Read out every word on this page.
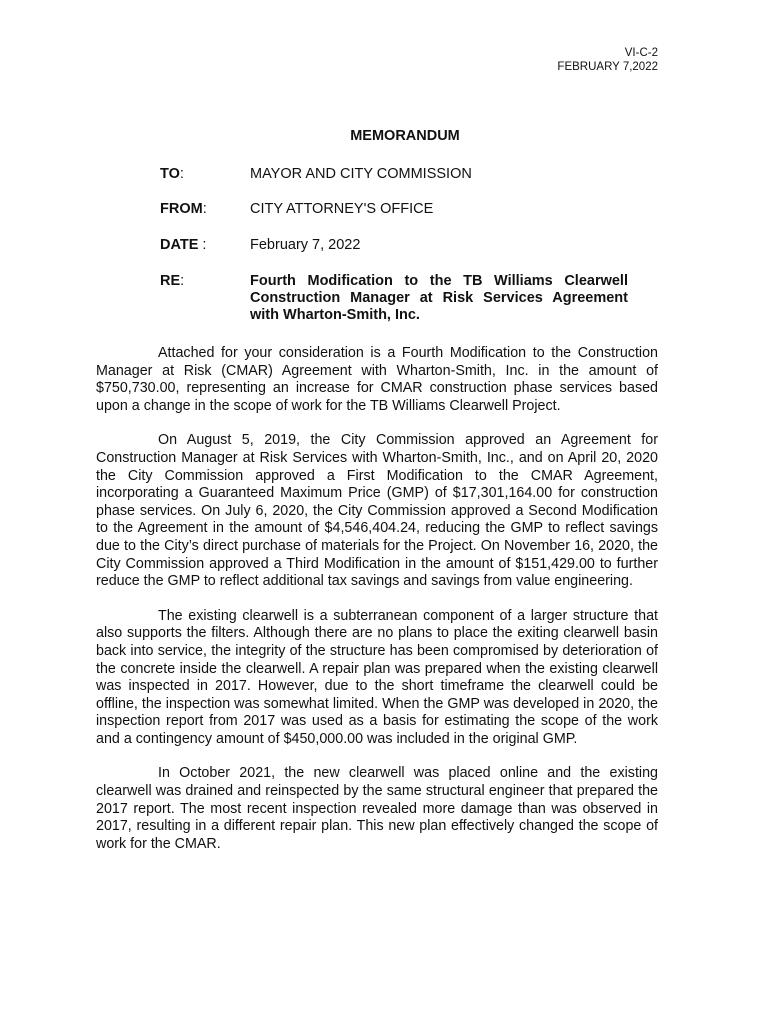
VI-C-2
FEBRUARY 7,2022
MEMORANDUM
TO:	MAYOR AND CITY COMMISSION
FROM:	CITY ATTORNEY'S OFFICE
DATE :	February 7, 2022
RE:	Fourth Modification to the TB Williams Clearwell Construction Manager at Risk Services Agreement with Wharton-Smith, Inc.

Attached for your consideration is a Fourth Modification to the Construction Manager at Risk (CMAR) Agreement with Wharton-Smith, Inc. in the amount of $750,730.00, representing an increase for CMAR construction phase services based upon a change in the scope of work for the TB Williams Clearwell Project.

On August 5, 2019, the City Commission approved an Agreement for Construction Manager at Risk Services with Wharton-Smith, Inc., and on April 20, 2020 the City Commission approved a First Modification to the CMAR Agreement, incorporating a Guaranteed Maximum Price (GMP) of $17,301,164.00 for construction phase services. On July 6, 2020, the City Commission approved a Second Modification to the Agreement in the amount of $4,546,404.24, reducing the GMP to reflect savings due to the City’s direct purchase of materials for the Project. On November 16, 2020, the City Commission approved a Third Modification in the amount of $151,429.00 to further reduce the GMP to reflect additional tax savings and savings from value engineering.

The existing clearwell is a subterranean component of a larger structure that also supports the filters. Although there are no plans to place the exiting clearwell basin back into service, the integrity of the structure has been compromised by deterioration of the concrete inside the clearwell. A repair plan was prepared when the existing clearwell was inspected in 2017. However, due to the short timeframe the clearwell could be offline, the inspection was somewhat limited. When the GMP was developed in 2020, the inspection report from 2017 was used as a basis for estimating the scope of the work and a contingency amount of $450,000.00 was included in the original GMP.

In October 2021, the new clearwell was placed online and the existing clearwell was drained and reinspected by the same structural engineer that prepared the 2017 report. The most recent inspection revealed more damage than was observed in 2017, resulting in a different repair plan. This new plan effectively changed the scope of work for the CMAR.
